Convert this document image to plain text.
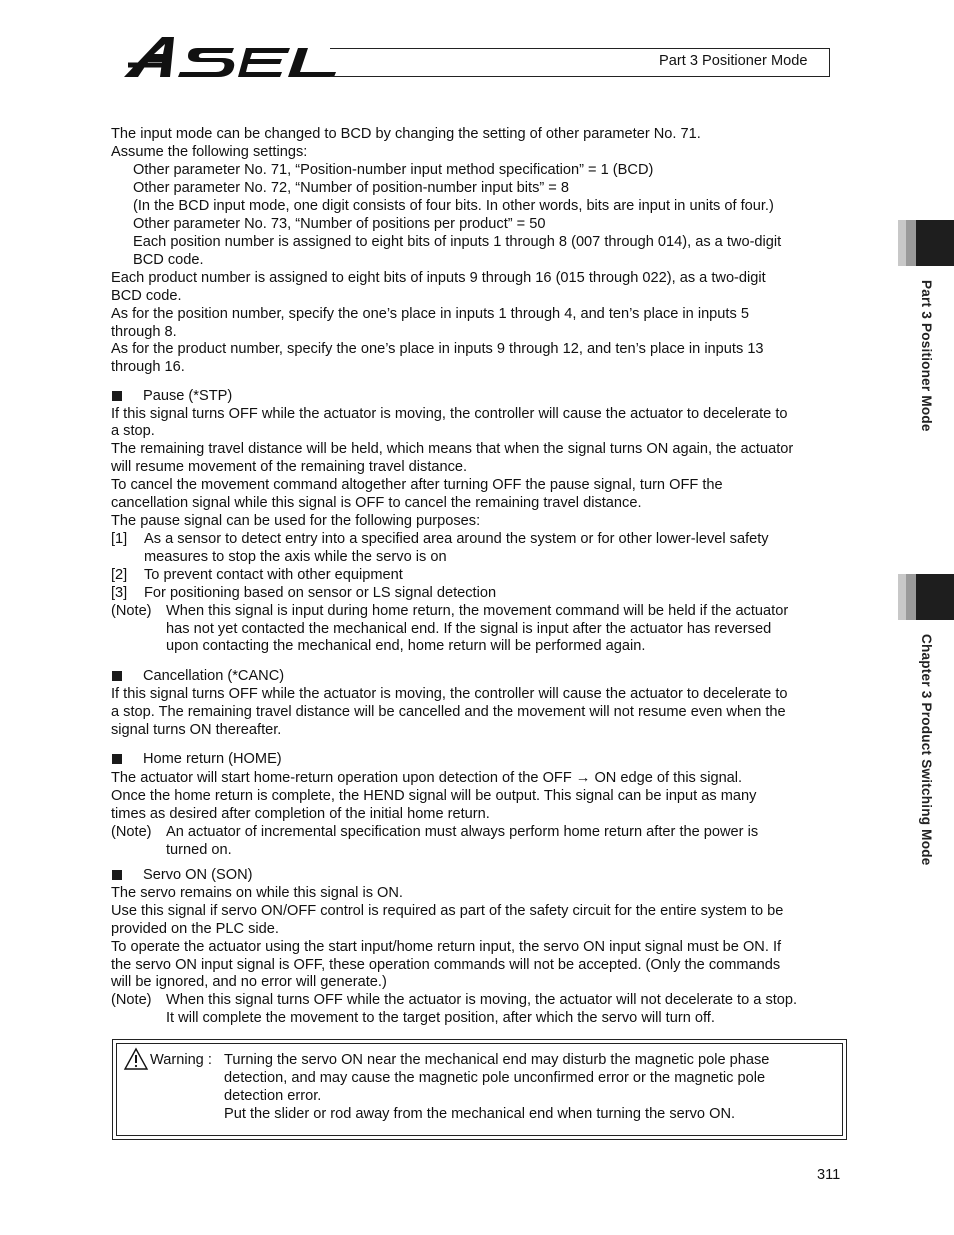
Part 3 Positioner Mode
Part 3 Positioner Mode
Chapter 3 Product Switching Mode
The input mode can be changed to BCD by changing the setting of other parameter No. 71.
Assume the following settings:
Other parameter No. 71, “Position-number input method specification” = 1 (BCD)
Other parameter No. 72, “Number of position-number input bits” = 8
(In the BCD input mode, one digit consists of four bits. In other words, bits are input in units of four.)
Other parameter No. 73, “Number of positions per product” = 50
Each position number is assigned to eight bits of inputs 1 through 8 (007 through 014), as a two-digit
BCD code.
Each product number is assigned to eight bits of inputs 9 through 16 (015 through 022), as a two-digit
BCD code.
As for the position number, specify the one’s place in inputs 1 through 4, and ten’s place in inputs 5
through 8.
As for the product number, specify the one’s place in inputs 9 through 12, and ten’s place in inputs 13
through 16.
Pause (*STP)
If this signal turns OFF while the actuator is moving, the controller will cause the actuator to decelerate to
a stop.
The remaining travel distance will be held, which means that when the signal turns ON again, the actuator
will resume movement of the remaining travel distance.
To cancel the movement command altogether after turning OFF the pause signal, turn OFF the
cancellation signal while this signal is OFF to cancel the remaining travel distance.
The pause signal can be used for the following purposes:
[1] As a sensor to detect entry into a specified area around the system or for other lower-level safety
measures to stop the axis while the servo is on
[2] To prevent contact with other equipment
[3] For positioning based on sensor or LS signal detection
(Note) When this signal is input during home return, the movement command will be held if the actuator
has not yet contacted the mechanical end. If the signal is input after the actuator has reversed
upon contacting the mechanical end, home return will be performed again.
Cancellation (*CANC)
If this signal turns OFF while the actuator is moving, the controller will cause the actuator to decelerate to
a stop. The remaining travel distance will be cancelled and the movement will not resume even when the
signal turns ON thereafter.
Home return (HOME)
The actuator will start home-return operation upon detection of the OFF → ON edge of this signal.
Once the home return is complete, the HEND signal will be output. This signal can be input as many
times as desired after completion of the initial home return.
(Note) An actuator of incremental specification must always perform home return after the power is
turned on.
Servo ON (SON)
The servo remains on while this signal is ON.
Use this signal if servo ON/OFF control is required as part of the safety circuit for the entire system to be
provided on the PLC side.
To operate the actuator using the start input/home return input, the servo ON input signal must be ON. If
the servo ON input signal is OFF, these operation commands will not be accepted. (Only the commands
will be ignored, and no error will generate.)
(Note) When this signal turns OFF while the actuator is moving, the actuator will not decelerate to a stop.
It will complete the movement to the target position, after which the servo will turn off.
Warning : Turning the servo ON near the mechanical end may disturb the magnetic pole phase
detection, and may cause the magnetic pole unconfirmed error or the magnetic pole
detection error.
Put the slider or rod away from the mechanical end when turning the servo ON.
311
